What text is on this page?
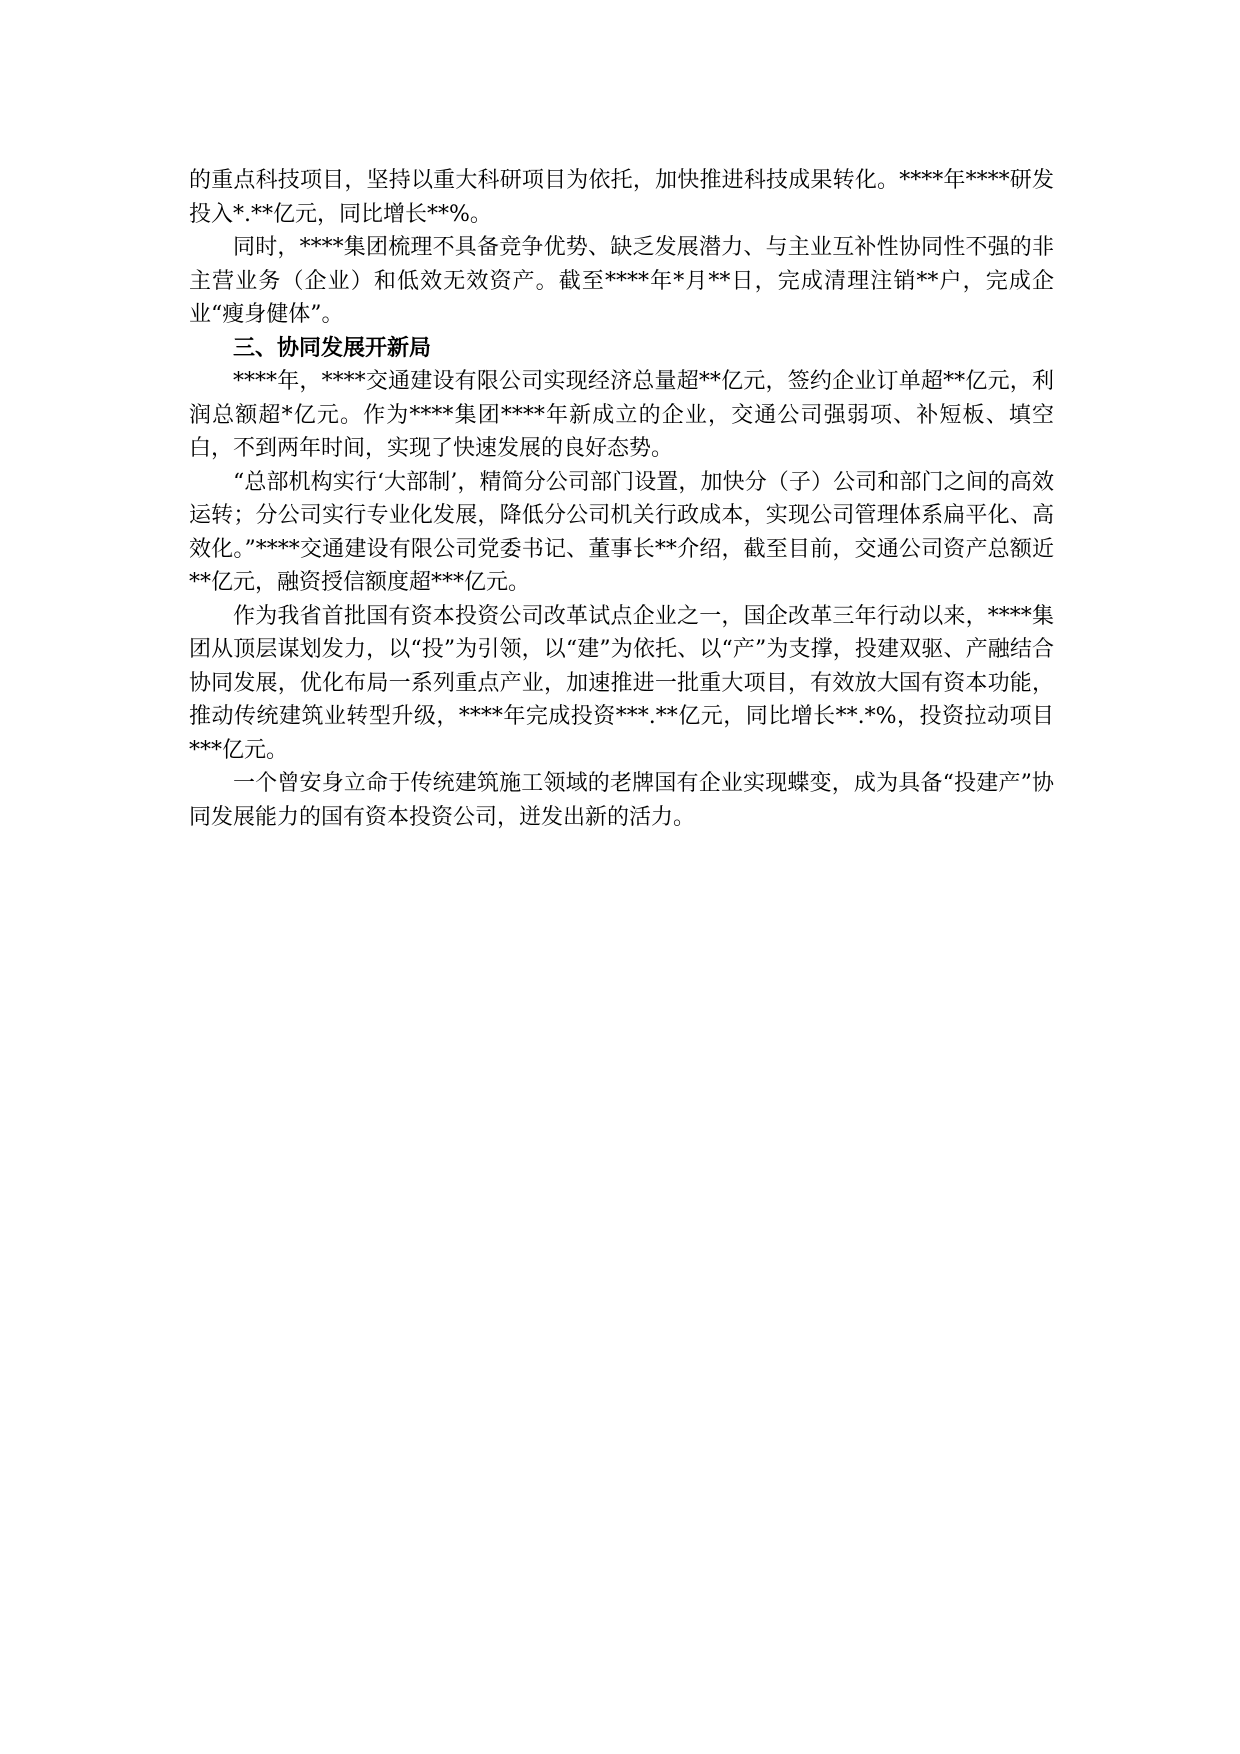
的重点科技项目，坚持以重大科研项目为依托，加快推进科技成果转化。****年****研发投入*.**亿元，同比增长**%。

同时，****集团梳理不具备竞争优势、缺乏发展潜力、与主业互补性协同性不强的非主营业务（企业）和低效无效资产。截至****年*月**日，完成清理注销**户，完成企业“瘦身健体”。

三、协同发展开新局

****年，****交通建设有限公司实现经济总量超**亿元，签约企业订单超**亿元，利润总额超*亿元。作为****集团****年新成立的企业，交通公司强弱项、补短板、填空白，不到两年时间，实现了快速发展的良好态势。

“总部机构实行‘大部制’，精简分公司部门设置，加快分（子）公司和部门之间的高效运转；分公司实行专业化发展，降低分公司机关行政成本，实现公司管理体系扁平化、高效化。”****交通建设有限公司党委书记、董事长**介绍，截至目前，交通公司资产总额近**亿元，融资授信额度超***亿元。

作为我省首批国有资本投资公司改革试点企业之一，国企改革三年行动以来，****集团从顶层谋划发力，以“投”为引领，以“建”为依托、以“产”为支撑，投建双驱、产融结合协同发展，优化布局一系列重点产业，加速推进一批重大项目，有效放大国有资本功能，推动传统建筑业转型升级，****年完成投资***.**亿元，同比增长**.*%，投资拉动项目***亿元。

一个曾安身立命于传统建筑施工领域的老牌国有企业实现蝶变，成为具备“投建产”协同发展能力的国有资本投资公司，迸发出新的活力。
